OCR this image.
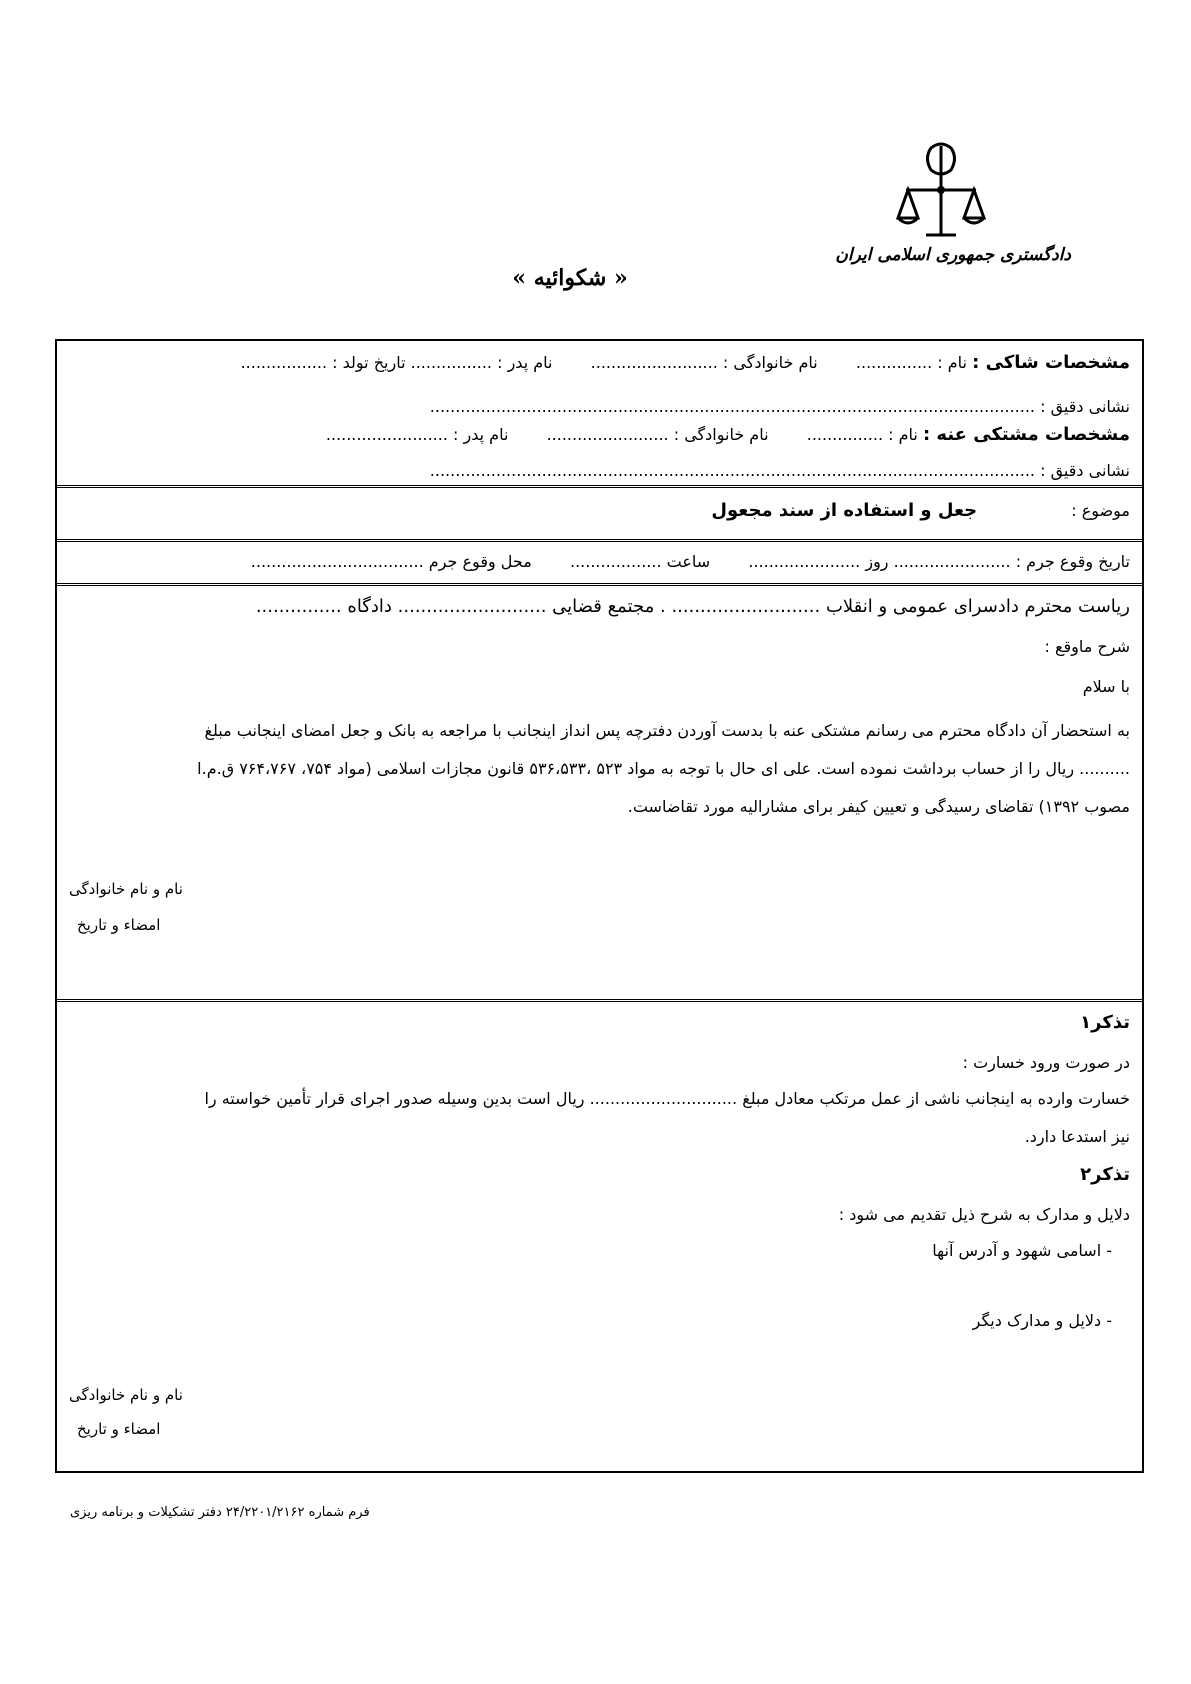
دادگستری جمهوری اسلامی ایران
« شکوائیه »
مشخصات شاکی : نام : ...............  نام خانوادگی : .........................  نام پدر : ................ تاریخ تولد : .................
نشانی دقیق : .......................................................................................................................
مشخصات مشتکی عنه : نام : ...............  نام خانوادگی : ........................  نام پدر : ........................
نشانی دقیق : .......................................................................................................................
موضوع :  جعل و استفاده از سند مجعول
تاریخ وقوع جرم : ....................... روز ......................  ساعت ..................  محل وقوع جرم ..................................
ریاست محترم دادسرای عمومی و انقلاب .......................... . مجتمع قضایی .......................... دادگاه ...............
شرح ماوقع :
با سلام
به استحضار آن دادگاه محترم می رسانم مشتکی عنه با بدست آوردن دفترچه پس انداز اینجانب با مراجعه به بانک و جعل امضای اینجانب مبلغ
.......... ریال را از حساب برداشت نموده است. علی ای حال با توجه به مواد ۵۲۳ ،۵۳۶،۵۳۳ قانون مجازات اسلامی (مواد ۷۵۴، ۷۶۴،۷۶۷ ق.م.ا
مصوب ۱۳۹۲) تقاضای رسیدگی و تعیین کیفر برای مشارالیه مورد تقاضاست.
نام و نام خانوادگی
امضاء و تاریخ
تذکر۱
در صورت ورود خسارت :
خسارت وارده به اینجانب ناشی از عمل مرتکب معادل مبلغ ............................. ریال است بدین وسیله صدور اجرای قرار تأمین خواسته را
نیز استدعا دارد.
تذکر۲
دلایل و مدارک به شرح ذیل تقدیم می شود :
- اسامی شهود و آدرس آنها
- دلایل و مدارک دیگر
نام و نام خانوادگی
امضاء و تاریخ
فرم شماره ۲۴/۲۲۰۱/۲۱۶۲ دفتر تشکیلات و برنامه ریزی
